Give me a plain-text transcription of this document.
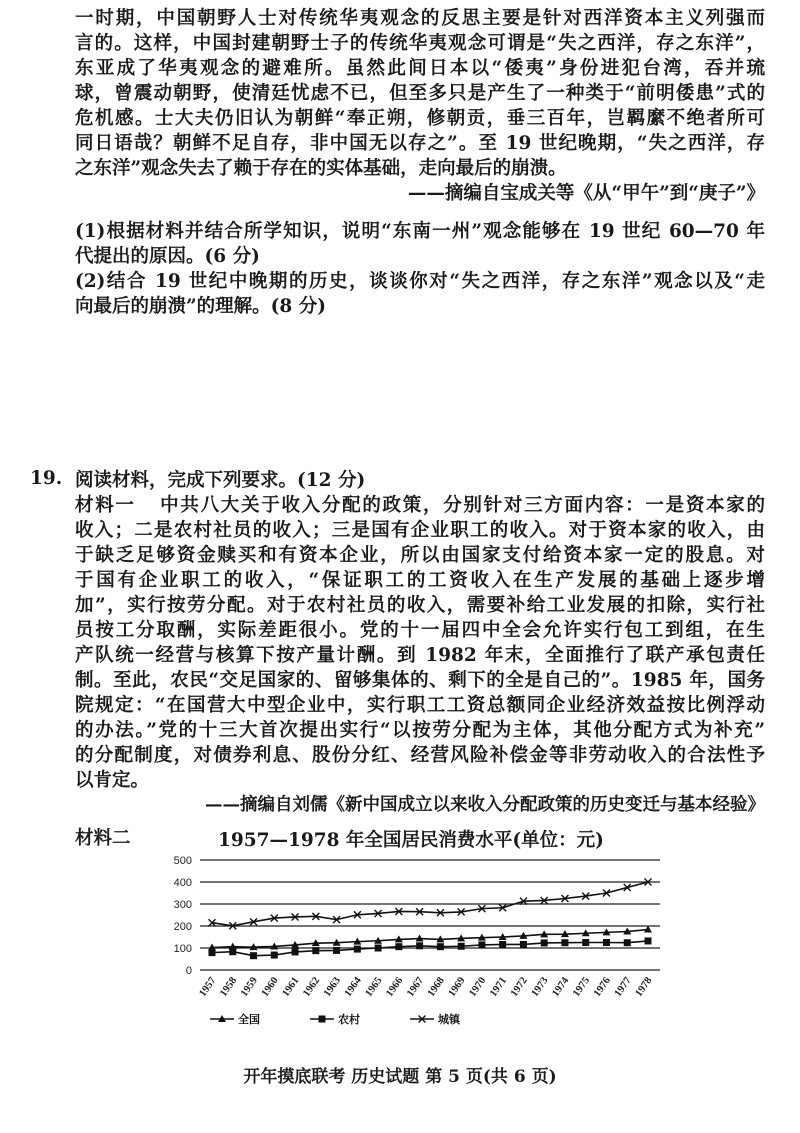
一时期，中国朝野人士对传统华夷观念的反思主要是针对西洋资本主义列强而
言的。这样，中国封建朝野士子的传统华夷观念可谓是“失之西洋，存之东洋”，
东亚成了华夷观念的避难所。虽然此间日本以“倭夷”身份进犯台湾，吞并琉
球，曾震动朝野，使清廷忧虑不已，但至多只是产生了一种类于“前明倭患”式的
危机感。士大夫仍旧认为朝鲜“奉正朔，修朝贡，垂三百年，岂羁縻不绝者所可
同日语哉？朝鲜不足自存，非中国无以存之”。至 19 世纪晚期，“失之西洋，存
之东洋”观念失去了赖于存在的实体基础，走向最后的崩溃。
——摘编自宝成关等《从“甲午”到“庚子”》
(1)根据材料并结合所学知识，说明“东南一州”观念能够在 19 世纪 60—70 年
代提出的原因。(6 分)
(2)结合 19 世纪中晚期的历史，谈谈你对“失之西洋，存之东洋”观念以及“走
向最后的崩溃”的理解。(8 分)
19. 阅读材料，完成下列要求。(12 分)
材料一 中共八大关于收入分配的政策，分别针对三方面内容：一是资本家的
收入；二是农村社员的收入；三是国有企业职工的收入。对于资本家的收入，由
于缺乏足够资金赎买和有资本企业，所以由国家支付给资本家一定的股息。对
于国有企业职工的收入，“保证职工的工资收入在生产发展的基础上逐步增
加”，实行按劳分配。对于农村社员的收入，需要补给工业发展的扣除，实行社
员按工分取酬，实际差距很小。党的十一届四中全会允许实行包工到组，在生
产队统一经营与核算下按产量计酬。到 1982 年末，全面推行了联产承包责任
制。至此，农民“交足国家的、留够集体的、剩下的全是自己的”。1985 年，国务
院规定：“在国营大中型企业中，实行职工工资总额同企业经济效益按比例浮动
的办法。”党的十三大首次提出实行“以按劳分配为主体，其他分配方式为补充”
的分配制度，对债券利息、股份分红、经营风险补偿金等非劳动收入的合法性予
以肯定。
——摘编自刘儒《新中国成立以来收入分配政策的历史变迁与基本经验》
材料二	1957—1978 年全国居民消费水平(单位：元)
0
100
200
300
400
500
1957 1958 1959 1960 1961 1962 1963 1964 1965 1966 1967 1968 1969 1970 1971 1972 1973 1974 1975 1976 1977 1978
全国	农村	城镇
开年摸底联考 历史试题 第 5 页(共 6 页)
